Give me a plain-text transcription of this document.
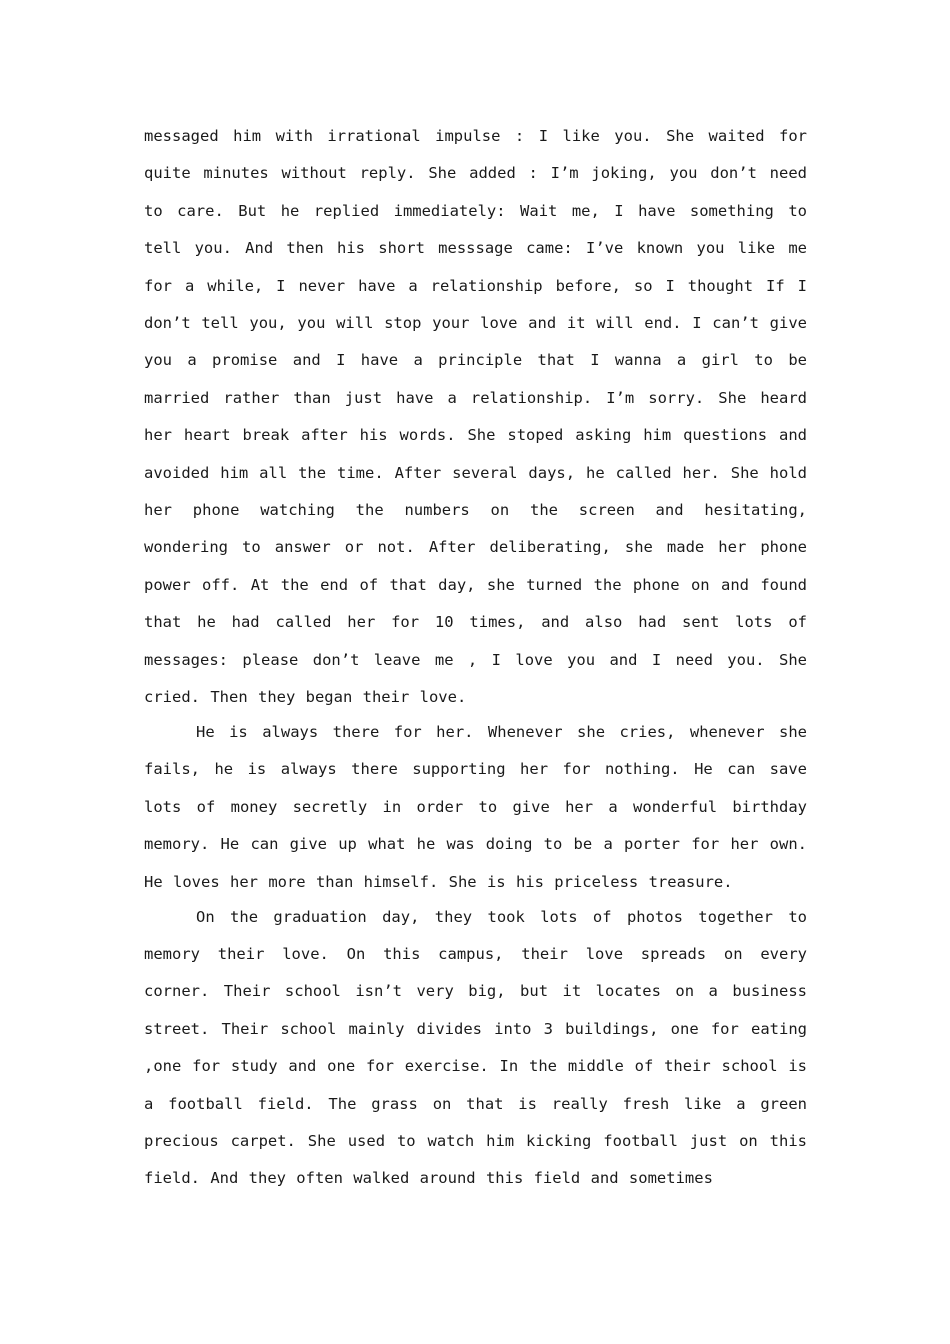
messaged him with irrational impulse : I like you. She waited for quite minutes without reply. She added : I’m joking, you don’t need to care. But he replied immediately: Wait me, I have something to tell you. And then his short messsage came: I’ve known you like me for a while, I never have a relationship before, so I thought If I don’t tell you, you will stop your love and it will end. I can’t give you a promise and I have a principle that I wanna a girl to be married rather than just have a relationship. I’m sorry. She heard her heart break after his words. She stoped asking him questions and avoided him all the time. After several days, he called her. She hold her phone watching the numbers on the screen and hesitating, wondering to answer or not. After deliberating, she made her phone power off. At the end of that day, she turned the phone on and found that he had called her for 10 times, and also had sent lots of messages: please don’t leave me , I love you and I need you. She cried. Then they began their love.

He is always there for her. Whenever she cries, whenever she fails, he is always there supporting her for nothing. He can save lots of money secretly in order to give her a wonderful birthday memory. He can give up what he was doing to be a porter for her own. He loves her more than himself. She is his priceless treasure.

On the graduation day, they took lots of photos together to memory their love. On this campus, their love spreads on every corner. Their school isn’t very big, but it locates on a business street. Their school mainly divides into 3 buildings, one for eating ,one for study and one for exercise. In the middle of their school is a football field. The grass on that is really fresh like a green precious carpet. She used to watch him kicking football just on this field. And they often walked around this field and sometimes
